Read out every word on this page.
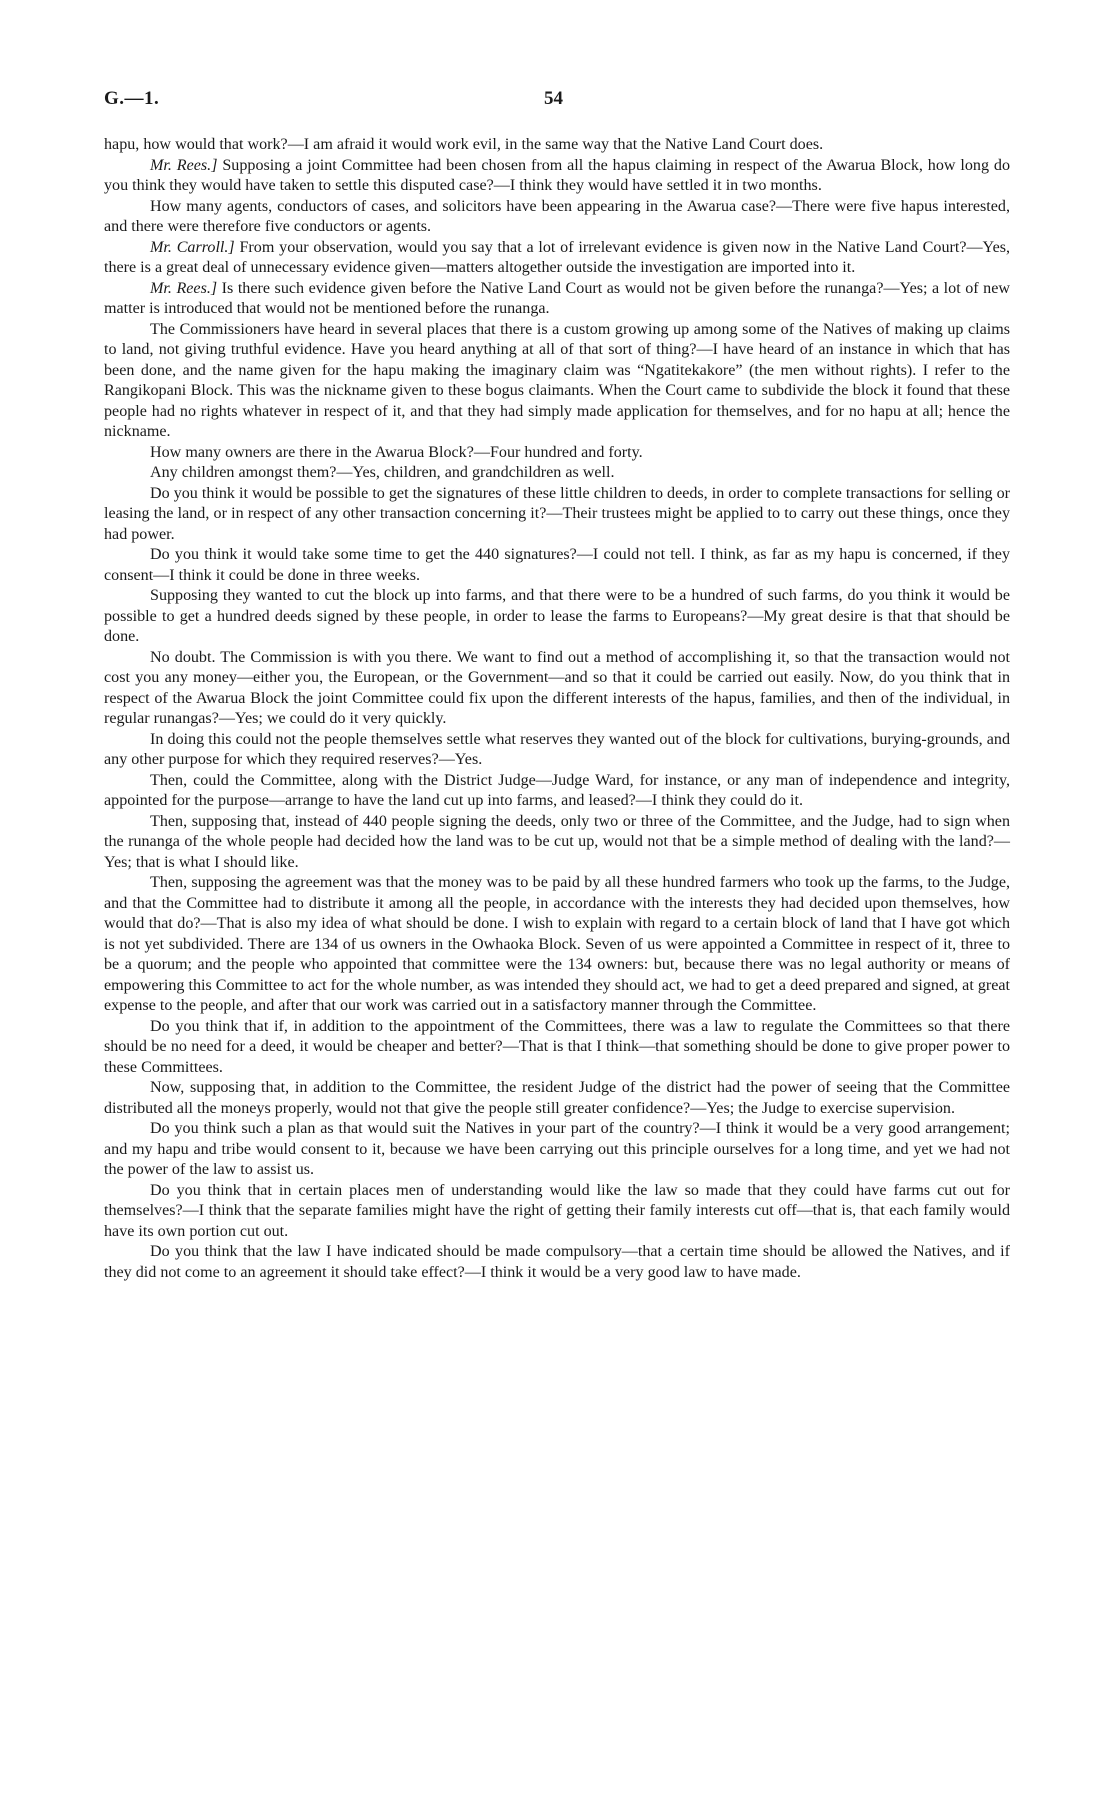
G.—1.	54

hapu, how would that work?—I am afraid it would work evil, in the same way that the Native Land Court does.

Mr. Rees.] Supposing a joint Committee had been chosen from all the hapus claiming in respect of the Awarua Block, how long do you think they would have taken to settle this disputed case?—I think they would have settled it in two months.

How many agents, conductors of cases, and solicitors have been appearing in the Awarua case?—There were five hapus interested, and there were therefore five conductors or agents.

Mr. Carroll.] From your observation, would you say that a lot of irrelevant evidence is given now in the Native Land Court?—Yes, there is a great deal of unnecessary evidence given—matters altogether outside the investigation are imported into it.

Mr. Rees.] Is there such evidence given before the Native Land Court as would not be given before the runanga?—Yes; a lot of new matter is introduced that would not be mentioned before the runanga.

The Commissioners have heard in several places that there is a custom growing up among some of the Natives of making up claims to land, not giving truthful evidence. Have you heard anything at all of that sort of thing?—I have heard of an instance in which that has been done, and the name given for the hapu making the imaginary claim was “Ngatitekakore” (the men without rights). I refer to the Rangikopani Block. This was the nickname given to these bogus claimants. When the Court came to subdivide the block it found that these people had no rights whatever in respect of it, and that they had simply made application for themselves, and for no hapu at all; hence the nickname.

How many owners are there in the Awarua Block?—Four hundred and forty.

Any children amongst them?—Yes, children, and grandchildren as well.

Do you think it would be possible to get the signatures of these little children to deeds, in order to complete transactions for selling or leasing the land, or in respect of any other transaction concerning it?—Their trustees might be applied to to carry out these things, once they had power.

Do you think it would take some time to get the 440 signatures?—I could not tell. I think, as far as my hapu is concerned, if they consent—I think it could be done in three weeks.

Supposing they wanted to cut the block up into farms, and that there were to be a hundred of such farms, do you think it would be possible to get a hundred deeds signed by these people, in order to lease the farms to Europeans?—My great desire is that that should be done.

No doubt. The Commission is with you there. We want to find out a method of accomplishing it, so that the transaction would not cost you any money—either you, the European, or the Government—and so that it could be carried out easily. Now, do you think that in respect of the Awarua Block the joint Committee could fix upon the different interests of the hapus, families, and then of the individual, in regular runangas?—Yes; we could do it very quickly.

In doing this could not the people themselves settle what reserves they wanted out of the block for cultivations, burying-grounds, and any other purpose for which they required reserves?—Yes.

Then, could the Committee, along with the District Judge—Judge Ward, for instance, or any man of independence and integrity, appointed for the purpose—arrange to have the land cut up into farms, and leased?—I think they could do it.

Then, supposing that, instead of 440 people signing the deeds, only two or three of the Committee, and the Judge, had to sign when the runanga of the whole people had decided how the land was to be cut up, would not that be a simple method of dealing with the land?—Yes; that is what I should like.

Then, supposing the agreement was that the money was to be paid by all these hundred farmers who took up the farms, to the Judge, and that the Committee had to distribute it among all the people, in accordance with the interests they had decided upon themselves, how would that do?—That is also my idea of what should be done. I wish to explain with regard to a certain block of land that I have got which is not yet subdivided. There are 134 of us owners in the Owhaoka Block. Seven of us were appointed a Committee in respect of it, three to be a quorum; and the people who appointed that committee were the 134 owners: but, because there was no legal authority or means of empowering this Committee to act for the whole number, as was intended they should act, we had to get a deed prepared and signed, at great expense to the people, and after that our work was carried out in a satisfactory manner through the Committee.

Do you think that if, in addition to the appointment of the Committees, there was a law to regulate the Committees so that there should be no need for a deed, it would be cheaper and better?—That is that I think—that something should be done to give proper power to these Committees.

Now, supposing that, in addition to the Committee, the resident Judge of the district had the power of seeing that the Committee distributed all the moneys properly, would not that give the people still greater confidence?—Yes; the Judge to exercise supervision.

Do you think such a plan as that would suit the Natives in your part of the country?—I think it would be a very good arrangement; and my hapu and tribe would consent to it, because we have been carrying out this principle ourselves for a long time, and yet we had not the power of the law to assist us.

Do you think that in certain places men of understanding would like the law so made that they could have farms cut out for themselves?—I think that the separate families might have the right of getting their family interests cut off—that is, that each family would have its own portion cut out.

Do you think that the law I have indicated should be made compulsory—that a certain time should be allowed the Natives, and if they did not come to an agreement it should take effect?—I think it would be a very good law to have made.
